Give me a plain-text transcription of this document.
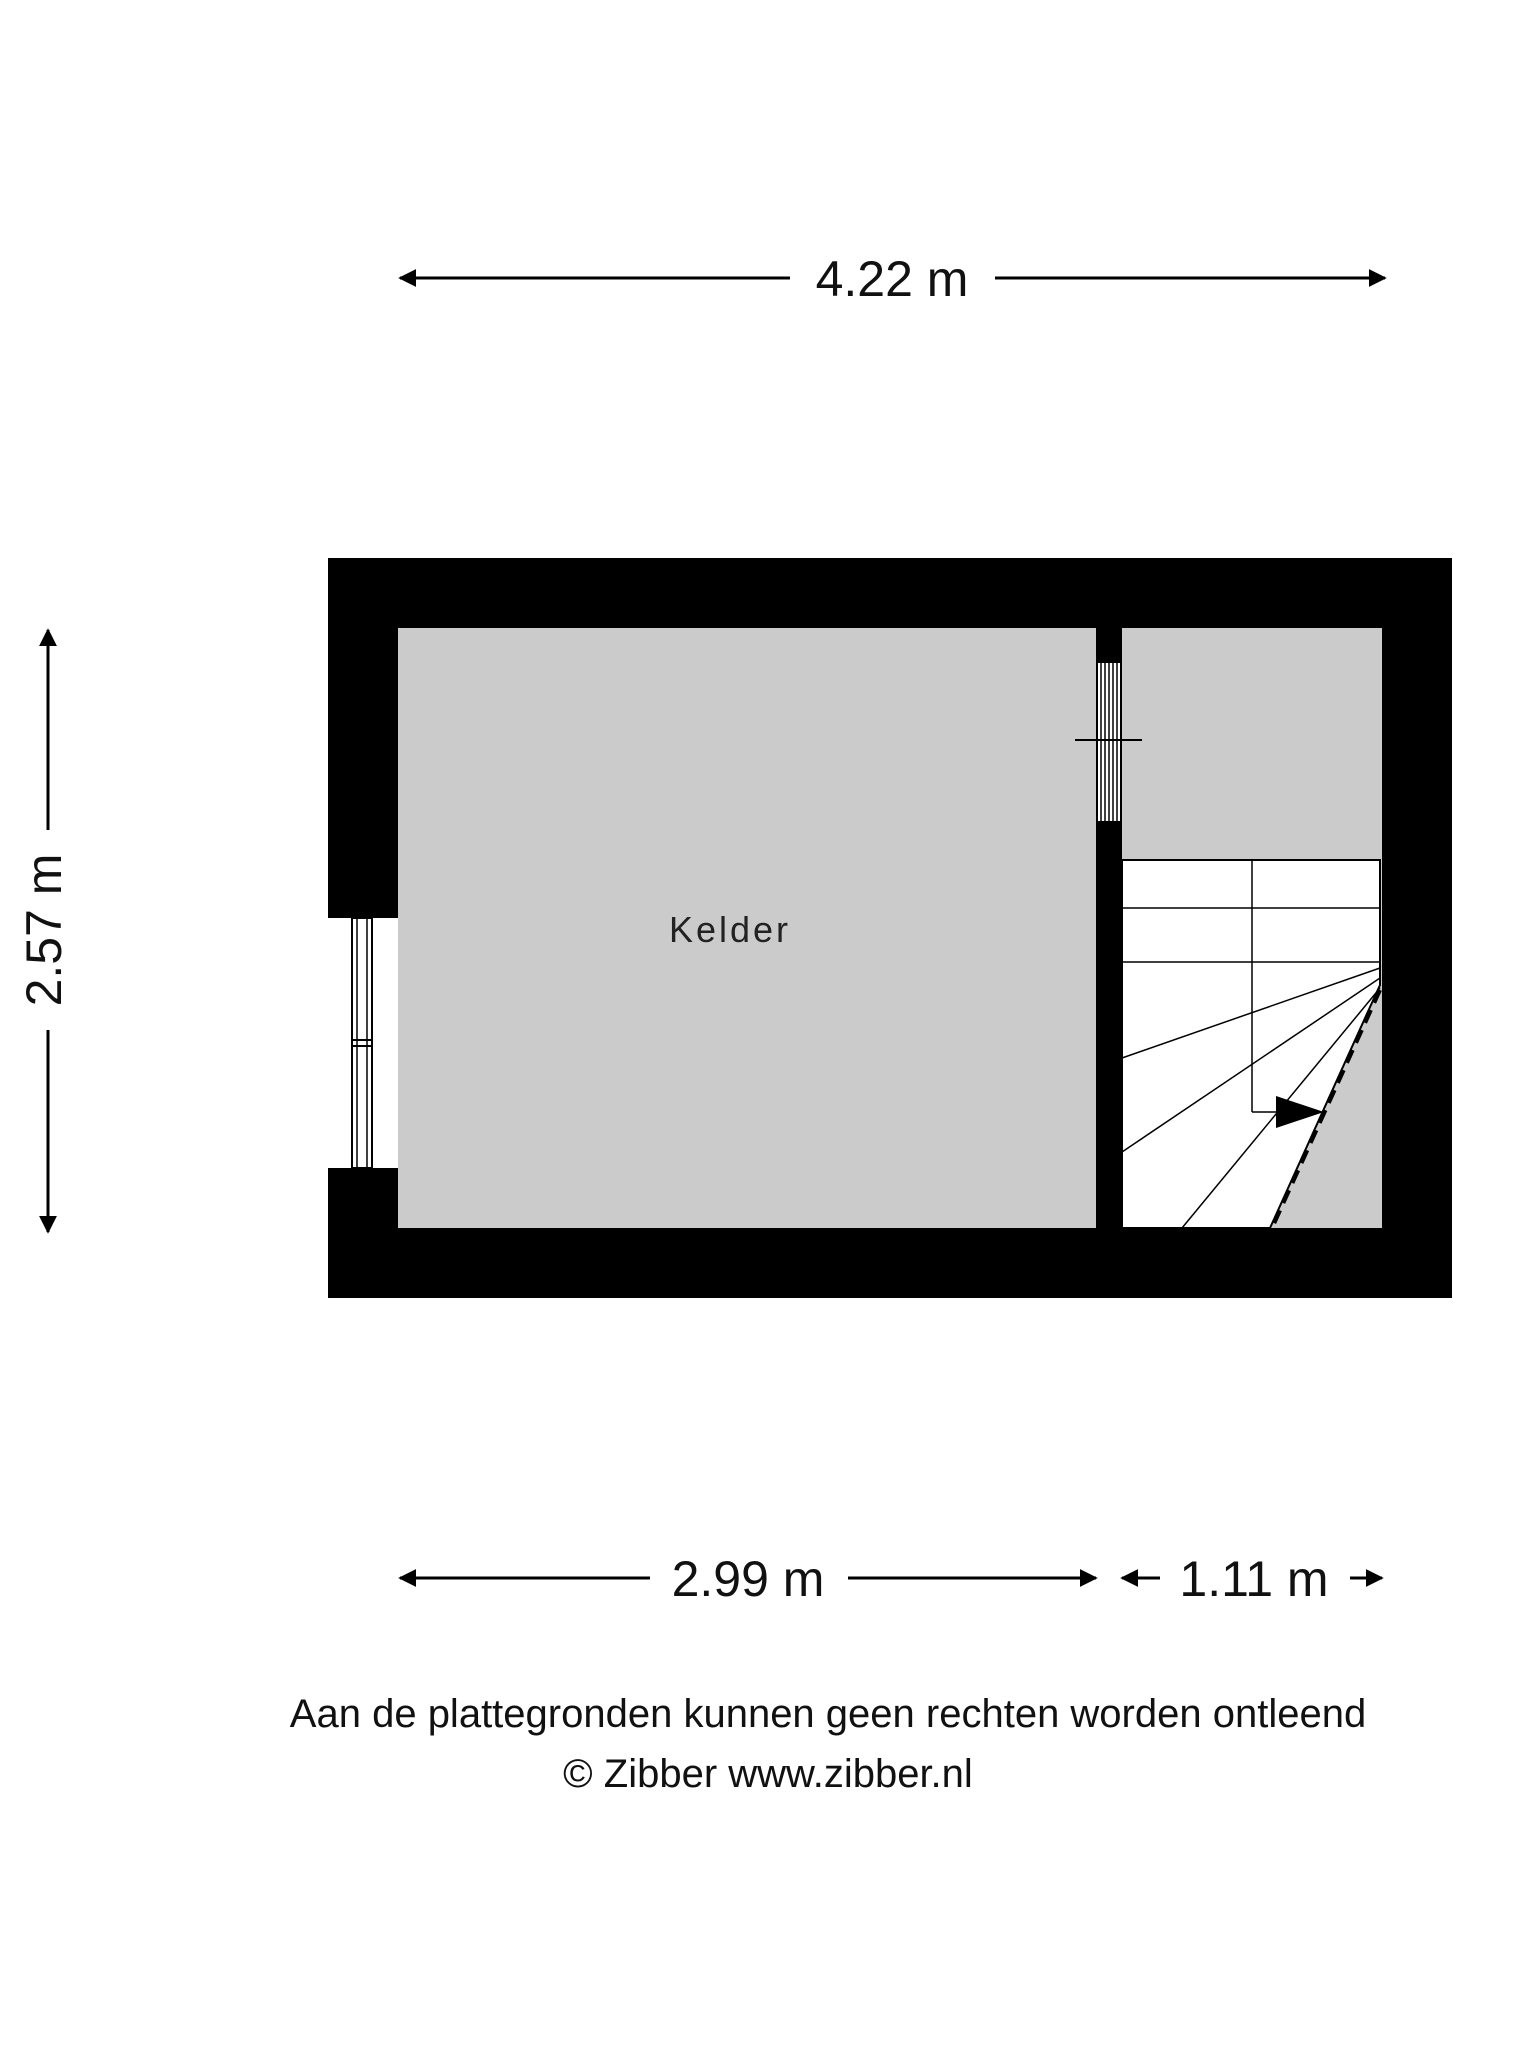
4.22 m
2.57 m	Kelder
2.99 m	1.11 m
Aan de plattegronden kunnen geen rechten worden ontleend
© Zibber www.zibber.nl
